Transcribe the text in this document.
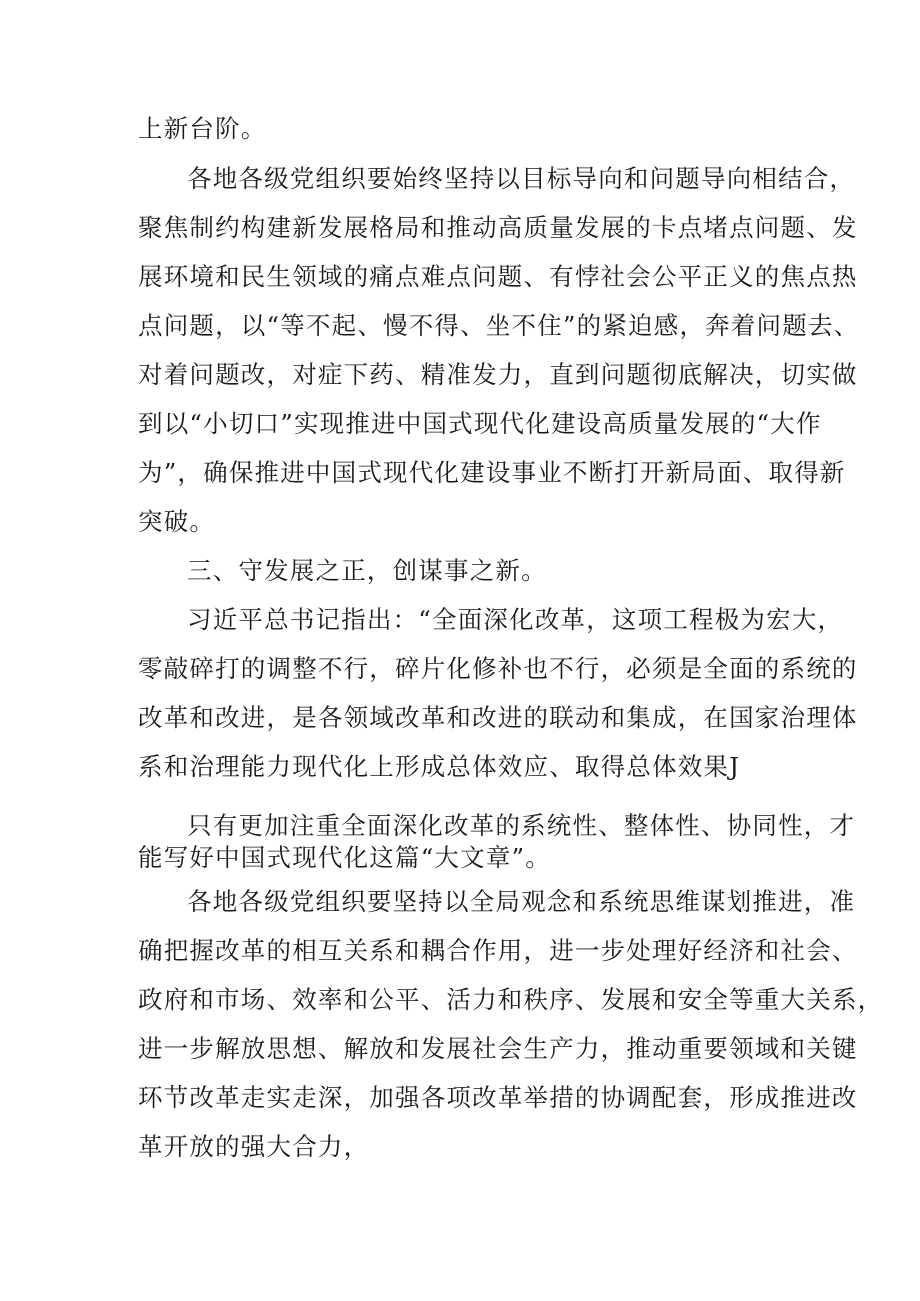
上新台阶。
各地各级党组织要始终坚持以目标导向和问题导向相结合，
聚焦制约构建新发展格局和推动高质量发展的卡点堵点问题、发
展环境和民生领域的痛点难点问题、有悖社会公平正义的焦点热
点问题，以“等不起、慢不得、坐不住”的紧迫感，奔着问题去、
对着问题改，对症下药、精准发力，直到问题彻底解决，切实做
到以“小切口”实现推进中国式现代化建设高质量发展的“大作
为”，确保推进中国式现代化建设事业不断打开新局面、取得新
突破。
三、守发展之正，创谋事之新。
习近平总书记指出：“全面深化改革，这项工程极为宏大，
零敲碎打的调整不行，碎片化修补也不行，必须是全面的系统的
改革和改进，是各领域改革和改进的联动和集成，在国家治理体
系和治理能力现代化上形成总体效应、取得总体效果J
只有更加注重全面深化改革的系统性、整体性、协同性，才
能写好中国式现代化这篇“大文章”。
各地各级党组织要坚持以全局观念和系统思维谋划推进，准
确把握改革的相互关系和耦合作用，进一步处理好经济和社会、
政府和市场、效率和公平、活力和秩序、发展和安全等重大关系，
进一步解放思想、解放和发展社会生产力，推动重要领域和关键
环节改革走实走深，加强各项改革举措的协调配套，形成推进改
革开放的强大合力，
